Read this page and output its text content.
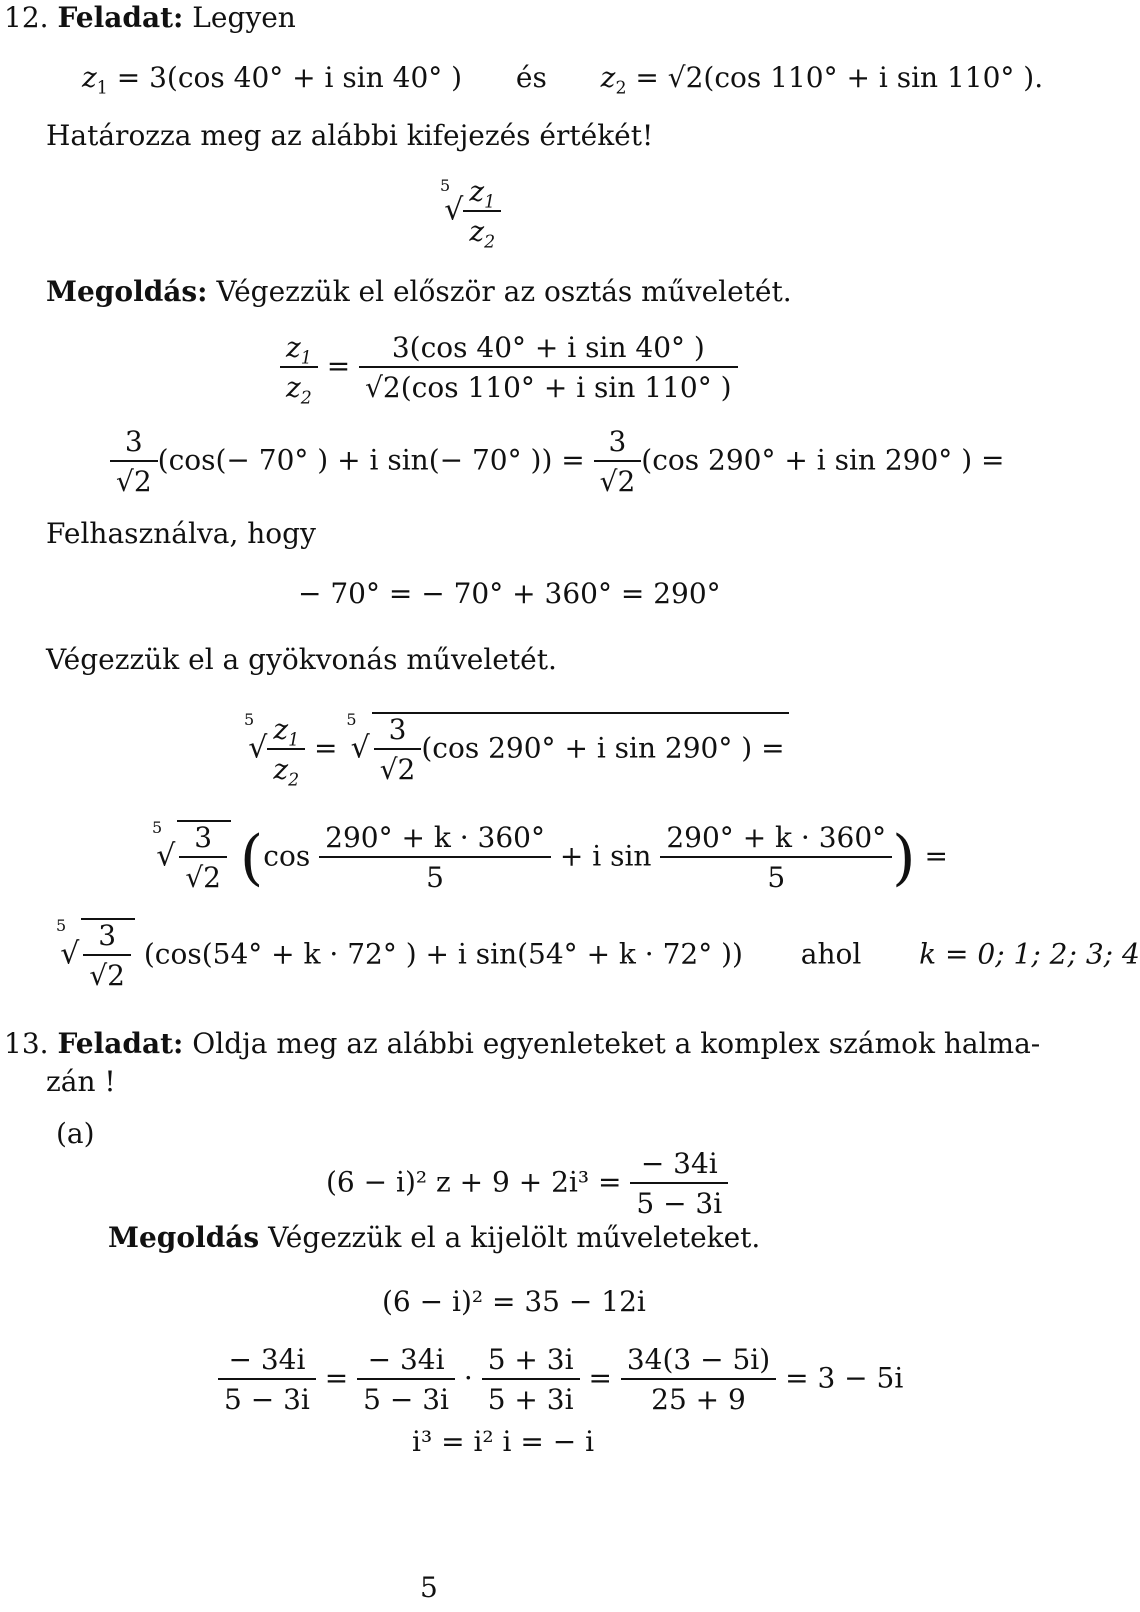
12. Feladat: Legyen
$z_1 = 3(\cos$ 40° + i sin 40° ) és $z_2 = √2(\cos$ 110° + i sin 110° ).
Határozza meg az alábbi kifejezés értékét!
$^5√ \frac{z_1}{z_2}$
Megoldás: Végezzük el először az osztás műveletét.
$\frac{z_1}{z_2} = \frac{\text{3(cos 40° + i sin 40° )}}{\text{√2(cos 110° + i sin 110° )}}$
$\frac{3}{√2} (\cos(- 70^\circ$ ) + i sin(− 70° )) = $\frac{3}{√2} (\cos$ 290° + i sin 290° ) =
Felhasználva, hogy
− 70° = − 70° + 360° = 290°
Végezzük el a gyökvonás műveletét.
$^5√ \frac{z_1}{z_2} = ^5√ \frac{3}{√2} (\cos$ 290° + i sin 290° ) =
$^5√ \frac{3}{√2} (\cos \frac{290^\circ + k \cdot 360^\circ}{5} + i$ $\sin \frac{290^\circ + k \cdot 360^\circ}{5}$ ) =
$^5√ \frac{3}{√2} (\cos(54^\circ + k \cdot 72^\circ$ ) + i sin(54° + k · 72° )) ahol k = 0; 1; 2; 3; 4
13. Feladat: Oldja meg az alábbi egyenleteket a komplex számok halma-
zán !
(a)
(6 − i)² $z + 9 + 2i^3 = \frac{- 34i}{5 - 3i}$
Megoldás Végezzük el a kijelölt műveleteket.
(6 − i)² = 35 − 12i
$\frac{- 34i}{5 - 3i} = \frac{- 34i}{5 - 3i} \cdot \frac{5 + 3i}{5 + 3i} = \frac{34(3 - 5i)}{25 + 9} = 3 - 5i$
i³ = i² i = − i
5
